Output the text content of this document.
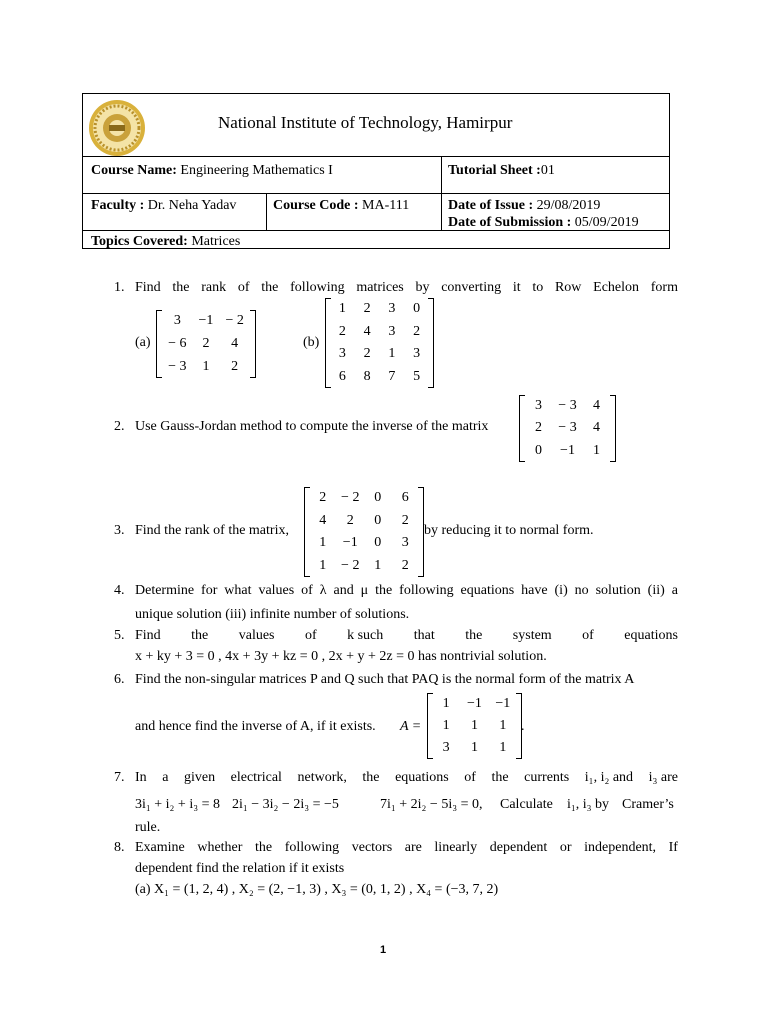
National Institute of Technology, Hamirpur
Course Name: Engineering Mathematics I	Tutorial Sheet :01
Faculty : Dr. Neha Yadav	Course Code : MA-111	Date of Issue : 29/08/2019
Date of Submission : 05/09/2019
Topics Covered: Matrices
1. Find the rank of the following matrices by converting it to Row Echelon form
(a)
3 −1 − 2
− 6 2 4
− 3 1 2
(b)
1 2 3 0
2 4 3 2
3 2 1 3
6 8 7 5
2. Use Gauss-Jordan method to compute the inverse of the matrix
3 − 3 4
2 − 3 4
0 −1 1
3. Find the rank of the matrix,
2 − 2 0 6
4 2 0 2
1 −1 0 3
1 − 2 1 2
by reducing it to normal form.
4. Determine for what values of λ and μ the following equations have (i) no solution (ii) a
unique solution (iii) infinite number of solutions.
5. Find the values of k such that the system of equations
x + ky + 3 = 0 , 4x + 3y + kz = 0 , 2x + y + 2z = 0 has nontrivial solution.
6. Find the non-singular matrices P and Q such that PAQ is the normal form of the matrix A
and hence find the inverse of A, if it exists. A =
1 −1 −1
1 1 1
3 1 1
.
7. In a given electrical network, the equations of the currents i₁, i₂ and i₃ are
3i₁ + i₂ + i₃ = 8 2i₁ − 3i₂ − 2i₃ = −5	7i₁ + 2i₂ − 5i₃ = 0, Calculate i₁, i₃ by Cramer’s
rule.
8. Examine whether the following vectors are linearly dependent or independent, If
dependent find the relation if it exists
(a) X₁ = (1, 2, 4) , X₂ = (2, −1, 3) , X₃ = (0, 1, 2) , X₄ = (−3, 7, 2)
1
